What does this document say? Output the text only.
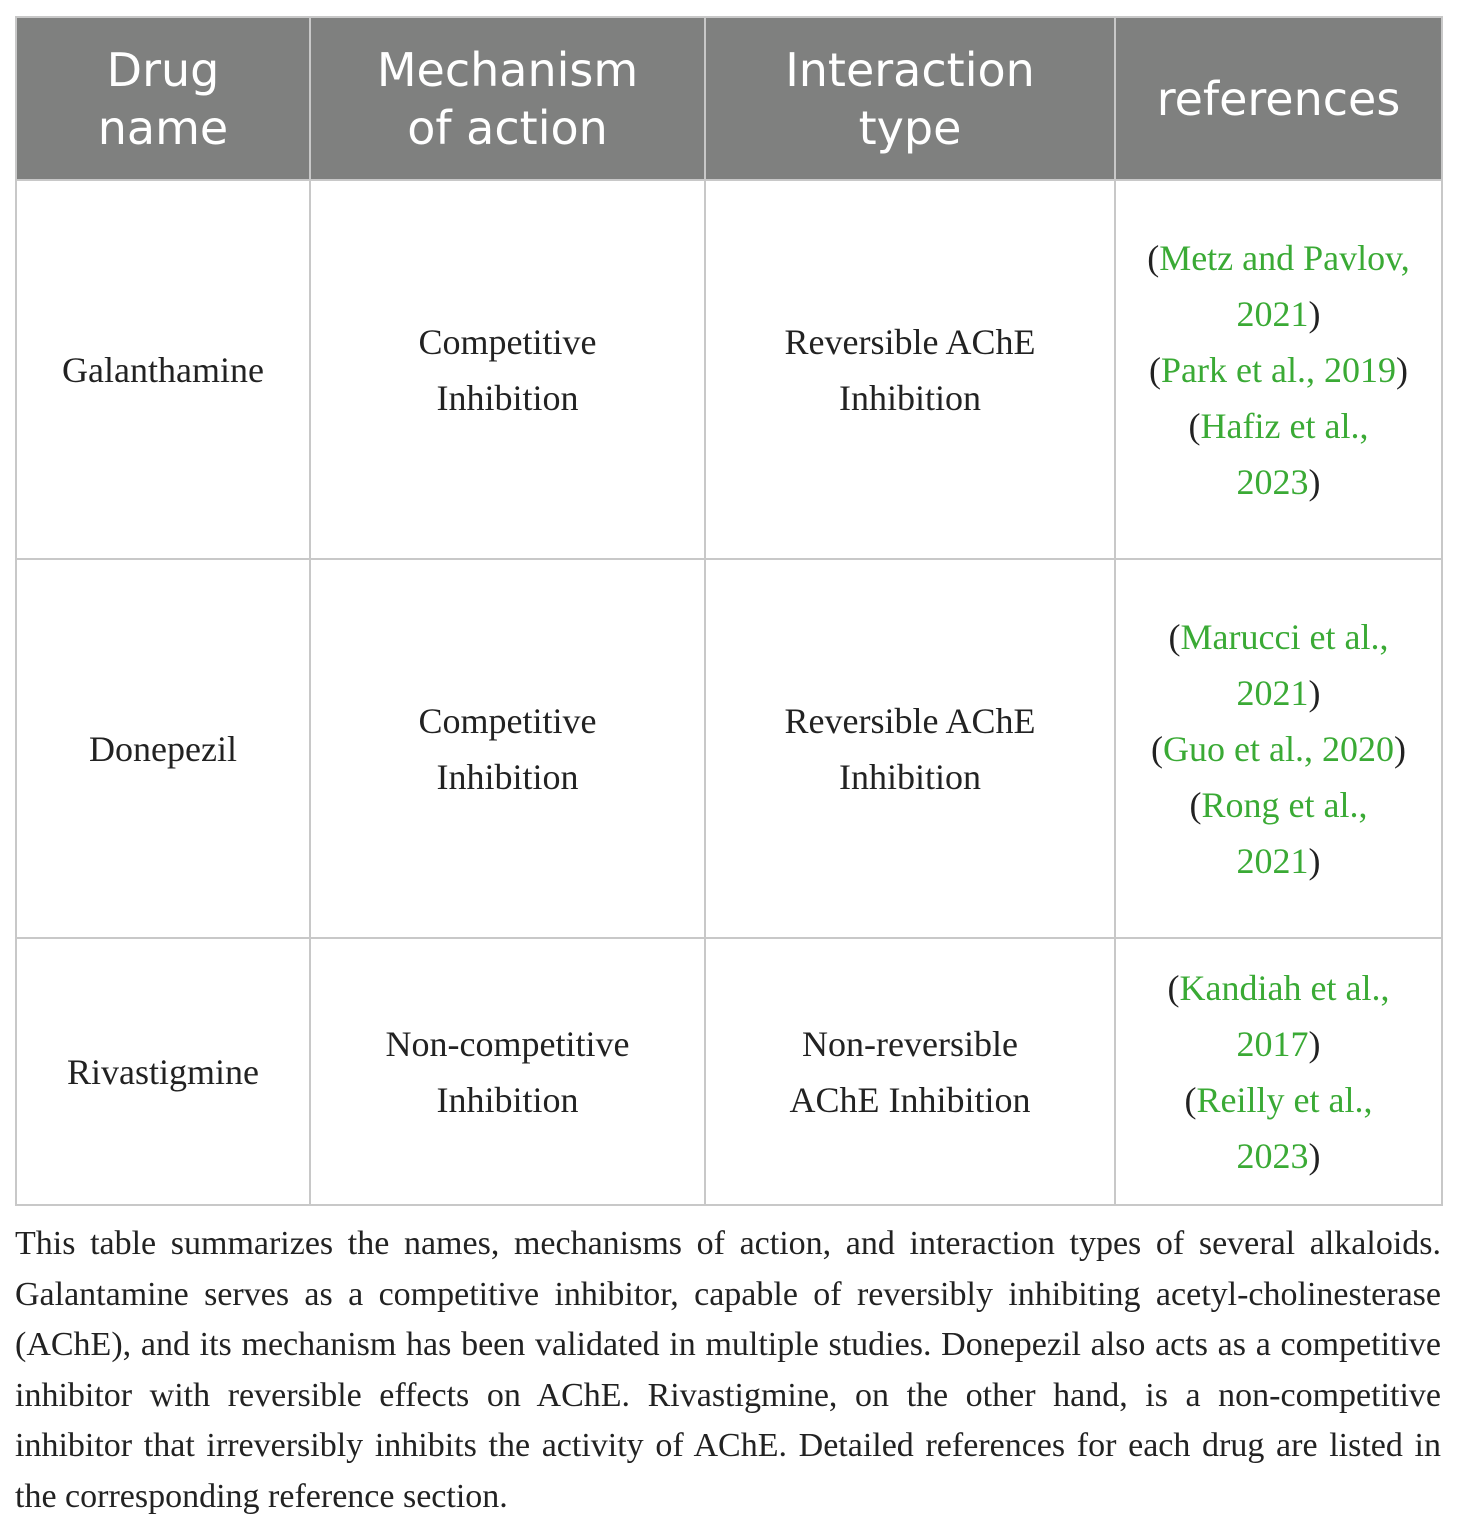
Drug name	Mechanism of action	Interaction type	references
Galanthamine	Competitive Inhibition	Reversible AChE Inhibition	(Metz and Pavlov, 2021)
(Park et al., 2019)
(Hafiz et al., 2023)

Donepezil	Competitive Inhibition	Reversible AChE Inhibition	(Marucci et al., 2021)
(Guo et al., 2020)
(Rong et al., 2021)

Rivastigmine	Non-competitive Inhibition	Non-reversible AChE Inhibition	(Kandiah et al., 2017)
(Reilly et al., 2023)

This table summarizes the names, mechanisms of action, and interaction types of several alkaloids. Galantamine serves as a competitive inhibitor, capable of reversibly inhibiting acetyl-cholinesterase (AChE), and its mechanism has been validated in multiple studies. Donepezil also acts as a competitive inhibitor with reversible effects on AChE. Rivastigmine, on the other hand, is a non-competitive inhibitor that irreversibly inhibits the activity of AChE. Detailed references for each drug are listed in the corresponding reference section.
